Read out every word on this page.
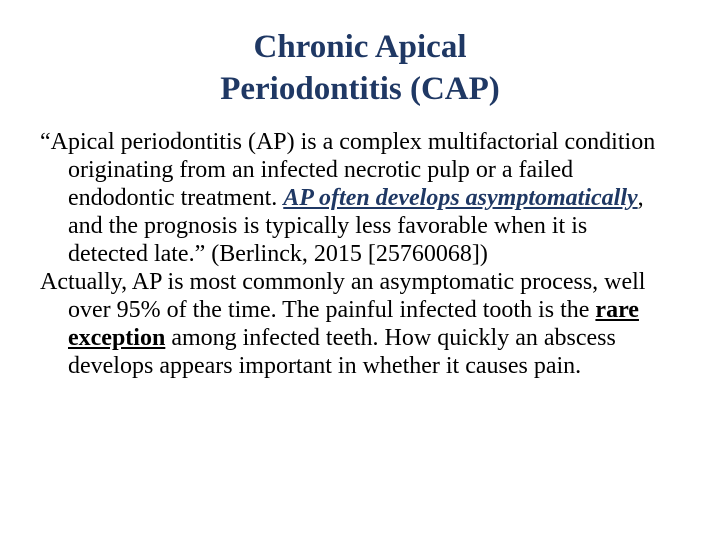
Chronic Apical
Periodontitis (CAP)

“Apical periodontitis (AP) is a complex multifactorial condition originating from an infected necrotic pulp or a failed endodontic treatment. AP often develops asymptomatically, and the prognosis is typically less favorable when it is detected late.” (Berlinck, 2015 [25760068])

Actually, AP is most commonly an asymptomatic process, well over 95% of the time. The painful infected tooth is the rare exception among infected teeth. How quickly an abscess develops appears important in whether it causes pain.
